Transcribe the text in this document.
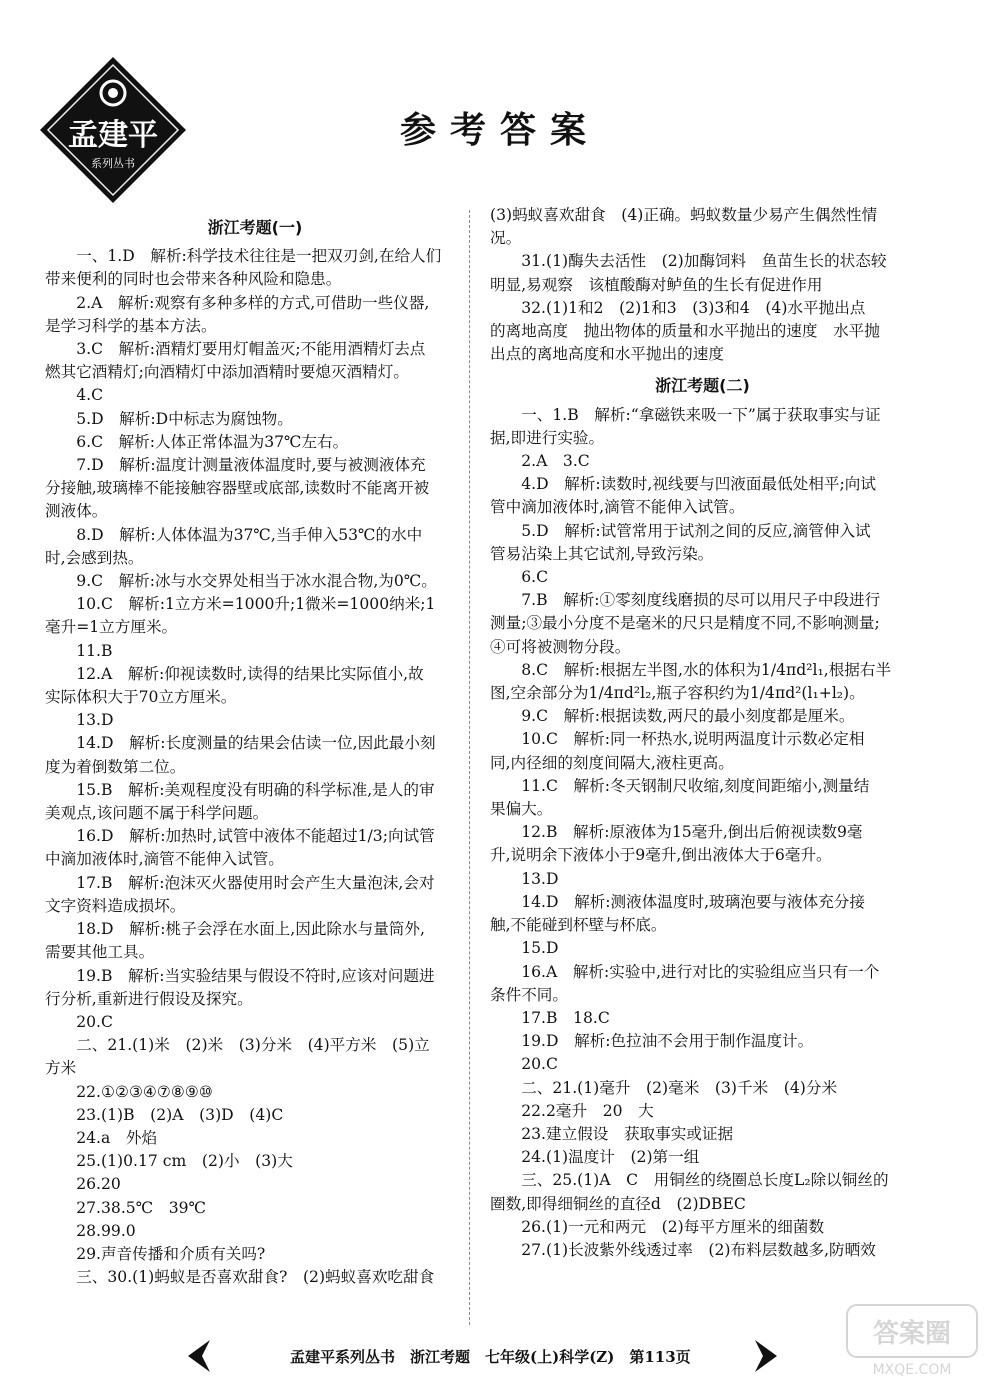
孟建平
系列丛书
参考答案
浙江考题(一)

一、1.D　解析:科学技术往往是一把双刃剑,在给人们

带来便利的同时也会带来各种风险和隐患。

2.A　解析:观察有多种多样的方式,可借助一些仪器,

是学习科学的基本方法。

3.C　解析:酒精灯要用灯帽盖灭;不能用酒精灯去点

燃其它酒精灯;向酒精灯中添加酒精时要熄灭酒精灯。

4.C

5.D　解析:D中标志为腐蚀物。

6.C　解析:人体正常体温为37℃左右。

7.D　解析:温度计测量液体温度时,要与被测液体充

分接触,玻璃棒不能接触容器壁或底部,读数时不能离开被

测液体。

8.D　解析:人体体温为37℃,当手伸入53℃的水中

时,会感到热。

9.C　解析:冰与水交界处相当于冰水混合物,为0℃。

10.C　解析:1立方米=1000升;1微米=1000纳米;1

毫升=1立方厘米。

11.B

12.A　解析:仰视读数时,读得的结果比实际值小,故

实际体积大于70立方厘米。

13.D

14.D　解析:长度测量的结果会估读一位,因此最小刻

度为着倒数第二位。

15.B　解析:美观程度没有明确的科学标准,是人的审

美观点,该问题不属于科学问题。

16.D　解析:加热时,试管中液体不能超过1/3;向试管

中滴加液体时,滴管不能伸入试管。

17.B　解析:泡沫灭火器使用时会产生大量泡沫,会对

文字资料造成损坏。

18.D　解析:桃子会浮在水面上,因此除水与量筒外,

需要其他工具。

19.B　解析:当实验结果与假设不符时,应该对问题进

行分析,重新进行假设及探究。

20.C

二、21.(1)米　(2)米　(3)分米　(4)平方米　(5)立

方米

22.①②③④⑦⑧⑨⑩

23.(1)B　(2)A　(3)D　(4)C

24.a　外焰

25.(1)0.17 cm　(2)小　(3)大

26.20

27.38.5℃　39℃

28.99.0

29.声音传播和介质有关吗?

三、30.(1)蚂蚁是否喜欢甜食?　(2)蚂蚁喜欢吃甜食

(3)蚂蚁喜欢甜食　(4)正确。蚂蚁数量少易产生偶然性情

况。

31.(1)酶失去活性　(2)加酶饲料　鱼苗生长的状态较

明显,易观察　该植酸酶对鲈鱼的生长有促进作用

32.(1)1和2　(2)1和3　(3)3和4　(4)水平抛出点

的离地高度　抛出物体的质量和水平抛出的速度　水平抛

出点的离地高度和水平抛出的速度

浙江考题(二)

一、1.B　解析:“拿磁铁来吸一下”属于获取事实与证

据,即进行实验。

2.A　3.C

4.D　解析:读数时,视线要与凹液面最低处相平;向试

管中滴加液体时,滴管不能伸入试管。

5.D　解析:试管常用于试剂之间的反应,滴管伸入试

管易沾染上其它试剂,导致污染。

6.C

7.B　解析:①零刻度线磨损的尽可以用尺子中段进行

测量;③最小分度不是毫米的尺只是精度不同,不影响测量;

④可将被测物分段。

8.C　解析:根据左半图,水的体积为1/4πd²l₁,根据右半

图,空余部分为1/4πd²l₂,瓶子容积约为1/4πd²(l₁+l₂)。

9.C　解析:根据读数,两尺的最小刻度都是厘米。

10.C　解析:同一杯热水,说明两温度计示数必定相

同,内径细的刻度间隔大,液柱更高。

11.C　解析:冬天钢制尺收缩,刻度间距缩小,测量结

果偏大。

12.B　解析:原液体为15毫升,倒出后俯视读数9毫

升,说明余下液体小于9毫升,倒出液体大于6毫升。

13.D

14.D　解析:测液体温度时,玻璃泡要与液体充分接

触,不能碰到杯壁与杯底。

15.D

16.A　解析:实验中,进行对比的实验组应当只有一个

条件不同。

17.B　18.C

19.D　解析:色拉油不会用于制作温度计。

20.C

二、21.(1)毫升　(2)毫米　(3)千米　(4)分米

22.2毫升　20　大

23.建立假设　获取事实或证据

24.(1)温度计　(2)第一组

三、25.(1)A　C　用铜丝的绕圈总长度L₂除以铜丝的

圈数,即得细铜丝的直径d　(2)DBEC

26.(1)一元和两元　(2)每平方厘米的细菌数

27.(1)长波紫外线透过率　(2)布料层数越多,防晒效

孟建平系列丛书　浙江考题　七年级(上)科学(Z)　第113页
答案圈
MXQE.COM
